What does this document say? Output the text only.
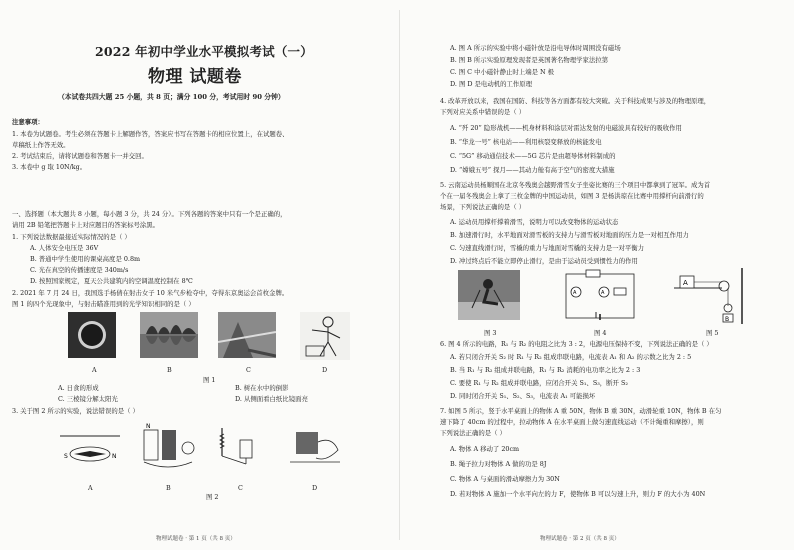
2022 年初中学业水平模拟考试（一）
物理 试题卷
（本试卷共四大题 25 小题，共 8 页；满分 100 分，考试用时 90 分钟）
注意事项：
1. 本卷为试题卷。考生必须在答题卡上解题作答，答案应书写在答题卡的相应位置上，在试题卷、
草稿纸上作答无效。
2. 考试结束后，请将试题卷和答题卡一并交回。
3. 本卷中 g 取 10N/kg。
一、选择题（本大题共 8 小题，每小题 3 分，共 24 分）。下列各题的答案中只有一个是正确的，
请用 2B 铅笔把答题卡上对应题目的答案标号涂黑。
1. 下列说法数据最接近实际情况的是（ ）
A. 人体安全电压是 36V
B. 普通中学生使用的课桌高度是 0.8m
C. 光在真空的传播速度是 340m/s
D. 按照国家规定，夏天公共建筑内的空调温度控制在 8℃
2. 2021 年 7 月 24 日，我国选手杨倩在射击女子 10 米气步枪夺中，夺得东京奥运会首枚金牌。
图 1 的四个光现象中，与射击瞄准用到的光学知识相同的是（ ）
A	B	C	D
图 1
A. 日食的形成	B. 树在水中的倒影
C. 三棱镜分解太阳光	D. 从侧面看白纸比镜面亮
3. 关于图 2 所示的实验，说法错误的是（ ）
S	N
N
A	B	C	D
图 2
物理试题卷 · 第 1 页（共 8 页）
A. 图 A 所示的实验中将小磁针放是沿电导体时周围没有磁场
B. 图 B 所示实验原理发现者是英国著名物理学家法拉第
C. 图 C 中小磁针静止时上端是 N 极
D. 图 D 是电动机的工作原理
4. 改革开放以来，我国在国防、科技等各方面都有较大突破。关于科技成果与涉及的物理原理，
下列对应关系中错误的是（ ）
A. “歼 20” 隐形战机——机身材料和涂层对雷达发射的电磁波具有较好的吸收作用
B. “华龙一号” 核电站——利用核裂变释放的核能发电
C. “5G” 移动通信技术——5G 芯片是由超导体材料制成的
D. “嫦娥五号” 探月——其动力舱有高于空气的密度大措施
5. 云南运动员杨顺国在北京冬残奥会越野滑雪女子坐姿比赛的三个项目中都拿到了冠军。成为首
个在一届冬残奥会上拿了三枚金牌的中国运动员，如图 3 是杨洪琼在比赛中用撑杆向前滑行的
场景，下列说法正确的是（ ）
A. 运动员用撑杆撑着滑雪，说明力可以改变物体的运动状态
B. 加速滑行时，水平地面对滑雪板的支持力与滑雪板对地面的压力是一对相互作用力
C. 匀速直线滑行时，雪橇的重力与地面对雪橇的支持力是一对平衡力
D. 冲过终点后不能立即停止滑行，是由于运动员受到惯性力的作用
A	A
A
B
图 3	图 4	图 5
6. 图 4 所示的电路，R₁ 与 R₂ 的电阻之比为 3 : 2，电源电压保持不变，下列说法正确的是（ ）
A. 若只闭合开关 S₂ 时 R₁ 与 R₂ 组成串联电路，电流表 A₁ 和 A₂ 的示数之比为 2 : 5
B. 当 R₁ 与 R₂ 组成并联电路，R₁ 与 R₂ 消耗的电功率之比为 2 : 3
C. 要使 R₁ 与 R₂ 组成并联电路，应闭合开关 S₁、S₃，断开 S₂
D. 同时闭合开关 S₁、S₂、S₃，电流表 A₁ 可能损坏
7. 如图 5 所示，竖于水平桌面上的物体 A 重 50N，物体 B 重 30N，动滑轮重 10N，物体 B 在匀
速下降了 40cm 的过程中，拉动物体 A 在水平桌面上做匀速直线运动（不计绳重和摩擦），则
下列说法正确的是（ ）
A. 物体 A 移动了 20cm
B. 绳子拉力对物体 A 做的功是 8J
C. 物体 A 与桌面的滑动摩擦力为 30N
D. 若对物体 A 施加一个水平向左的力 F，使物体 B 可以匀速上升，则力 F 的大小为 40N
物理试题卷 · 第 2 页（共 8 页）
